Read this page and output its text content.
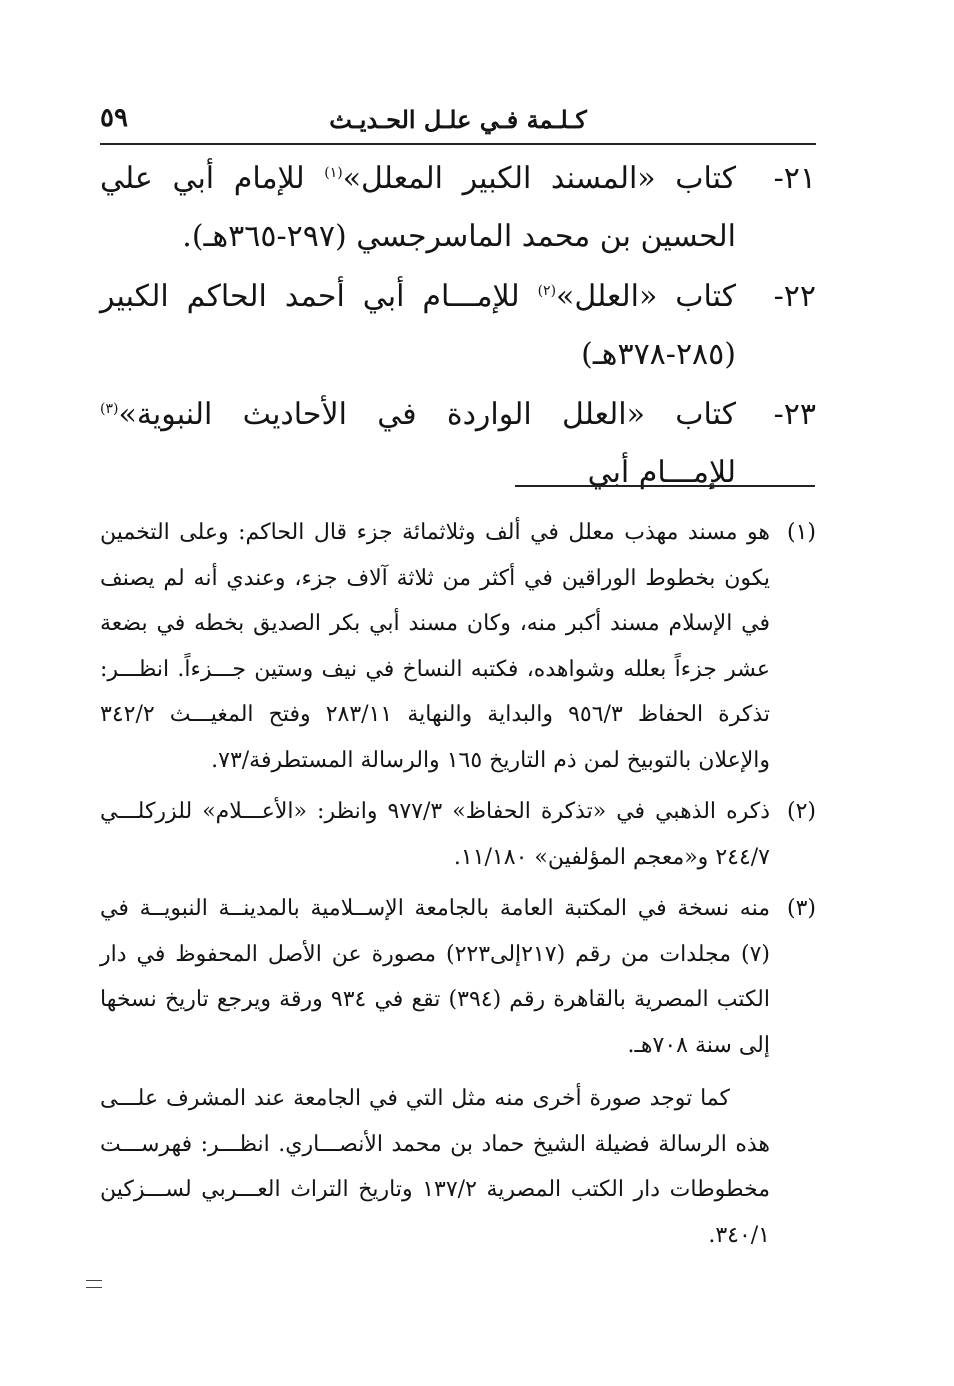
٥٩	كـلـمة فـي علـل الحـديـث
٢١-
كتاب «المسند الكبير المعلل»$^{(١)}$ للإمام أبي علي الحسين بن محمد الماسرجسي (٢٩٧-٣٦٥هـ).
٢٢-
كتاب «العلل»$^{(٢)}$ للإمـــام أبي أحمد الحاكم الكبير (٢٨٥-٣٧٨هـ)
٢٣-
كتاب «العلل الواردة في الأحاديث النبوية»$^{(٣)}$ للإمـــام أبي
(١)
هو مسند مهذب معلل في ألف وثلاثمائة جزء قال الحاكم: وعلى التخمين يكون بخطوط الوراقين في أكثر من ثلاثة آلاف جزء، وعندي أنه لم يصنف في الإسلام مسند أكبر منه، وكان مسند أبي بكر الصديق بخطه في بضعة عشر جزءاً بعلله وشواهده، فكتبه النساخ في نيف وستين جـــزءاً. انظـــر: تذكرة الحفاظ ٩٥٦/٣ والبداية والنهاية ٢٨٣/١١ وفتح المغيـــث ٣٤٢/٢ والإعلان بالتوبيخ لمن ذم التاريخ ١٦٥ والرسالة المستطرفة/٧٣.
(٢)
ذكره الذهبي في «تذكرة الحفاظ» ٩٧٧/٣ وانظر: «الأعـــلام» للزركلـــي ٢٤٤/٧ و«معجم المؤلفين» ١١/١٨٠.
(٣)
منه نسخة في المكتبة العامة بالجامعة الإســلامية بالمدينــة النبويــة في (٧) مجلدات من رقم (٢١٧إلى٢٢٣) مصورة عن الأصل المحفوظ في دار الكتب المصرية بالقاهرة رقم (٣٩٤) تقع في ٩٣٤ ورقة ويرجع تاريخ نسخها إلى سنة ٧٠٨هـ.
كما توجد صورة أخرى منه مثل التي في الجامعة عند المشرف علـــى هذه الرسالة فضيلة الشيخ حماد بن محمد الأنصـــاري. انظـــر: فهرســـت مخطوطات دار الكتب المصرية ١٣٧/٢ وتاريخ التراث العـــربي لســـزكين ٣٤٠/١.
